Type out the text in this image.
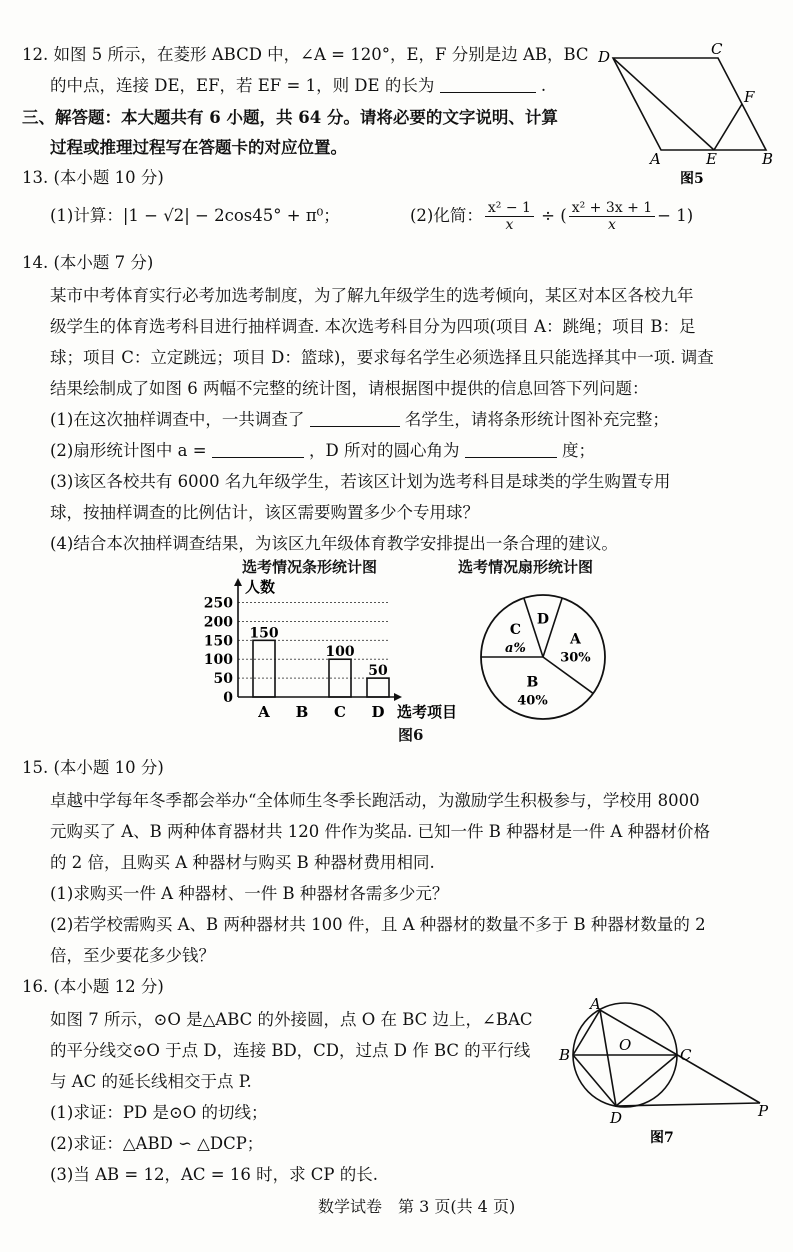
12. 如图 5 所示，在菱形 ABCD 中，∠A = 120°，E，F 分别是边 AB，BC
的中点，连接 DE，EF，若 EF = 1，则 DE 的长为	.
三、解答题：本大题共有 6 小题，共 64 分。请将必要的文字说明、计算
过程或推理过程写在答题卡的对应位置。
D	C
F
A	E	B
图5
13. (本小题 10 分)
(1)计算：|1 − √2| − 2cos45° + π⁰；	(2)化简： $\frac{\text{x² − 1}}{x}$ ÷ ( $\frac{\text{x² + 3x + 1}}{x} - 1$)
14. (本小题 7 分)
某市中考体育实行必考加选考制度，为了解九年级学生的选考倾向，某区对本区各校九年
级学生的体育选考科目进行抽样调查. 本次选考科目分为四项(项目 A：跳绳；项目 B：足
球；项目 C：立定跳远；项目 D：篮球)，要求每名学生必须选择且只能选择其中一项. 调查
结果绘制成了如图 6 两幅不完整的统计图，请根据图中提供的信息回答下列问题：
(1)在这次抽样调查中，一共调查了	名学生，请将条形统计图补充完整；
(2)扇形统计图中 a =	，D 所对的圆心角为	度；
(3)该区各校共有 6000 名九年级学生，若该区计划为选考科目是球类的学生购置专用
球，按抽样调查的比例估计，该区需要购置多少个专用球？
(4)结合本次抽样调查结果，为该区九年级体育教学安排提出一条合理的建议。
选考情况条形统计图	选考情况扇形统计图
0
50
100
150
200
250
人数
150
100
50
A B C D 选考项目
D
A
30%
B
40%
C
a%
图6
15. (本小题 10 分)
卓越中学每年冬季都会举办“全体师生冬季长跑活动，为激励学生积极参与，学校用 8000
元购买了 A、B 两种体育器材共 120 件作为奖品. 已知一件 B 种器材是一件 A 种器材价格
的 2 倍，且购买 A 种器材与购买 B 种器材费用相同.
(1)求购买一件 A 种器材、一件 B 种器材各需多少元？
(2)若学校需购买 A、B 两种器材共 100 件，且 A 种器材的数量不多于 B 种器材数量的 2
倍，至少要花多少钱？
16. (本小题 12 分)
如图 7 所示，⊙O 是△ABC 的外接圆，点 O 在 BC 边上，∠BAC
的平分线交⊙O 于点 D，连接 BD，CD，过点 D 作 BC 的平行线
与 AC 的延长线相交于点 P.
(1)求证：PD 是⊙O 的切线；
(2)求证：△ABD ∽ △DCP；
(3)当 AB = 12，AC = 16 时，求 CP 的长.
A
B
O
C
D	P
图7
数学试卷　第 3 页(共 4 页)
